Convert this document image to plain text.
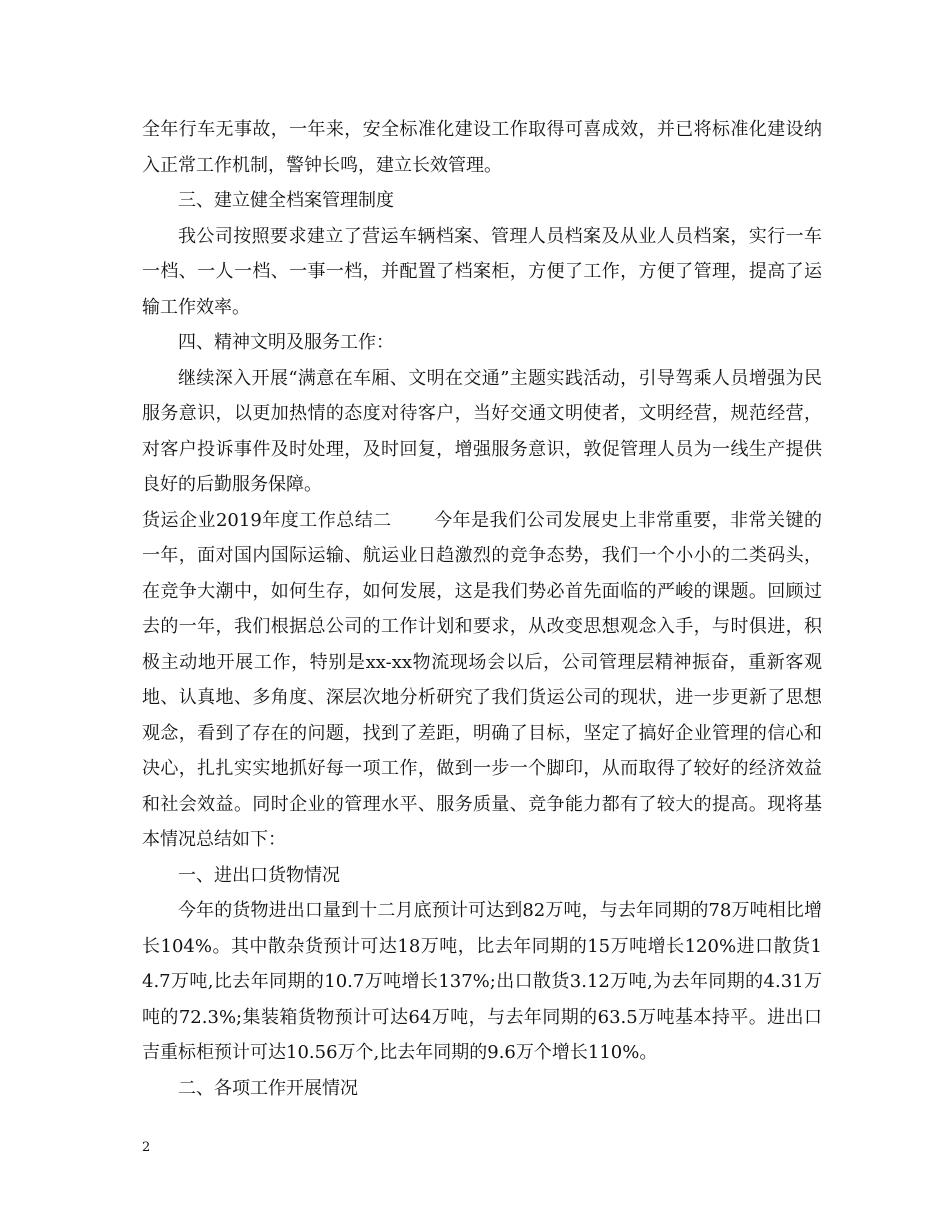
全年行车无事故，一年来，安全标准化建设工作取得可喜成效，并已将标准化建设纳入正常工作机制，警钟长鸣，建立长效管理。

三、建立健全档案管理制度

我公司按照要求建立了营运车辆档案、管理人员档案及从业人员档案，实行一车一档、一人一档、一事一档，并配置了档案柜，方便了工作，方便了管理，提高了运输工作效率。

四、精神文明及服务工作：

继续深入开展“满意在车厢、文明在交通”主题实践活动，引导驾乘人员增强为民服务意识，以更加热情的态度对待客户，当好交通文明使者，文明经营，规范经营，对客户投诉事件及时处理，及时回复，增强服务意识，敦促管理人员为一线生产提供良好的后勤服务保障。

货运企业2019年度工作总结二 今年是我们公司发展史上非常重要，非常关键的一年，面对国内国际运输、航运业日趋激烈的竞争态势，我们一个小小的二类码头，在竞争大潮中，如何生存，如何发展，这是我们势必首先面临的严峻的课题。回顾过去的一年，我们根据总公司的工作计划和要求，从改变思想观念入手，与时俱进，积极主动地开展工作，特别是xx-xx物流现场会以后，公司管理层精神振奋，重新客观地、认真地、多角度、深层次地分析研究了我们货运公司的现状，进一步更新了思想观念，看到了存在的问题，找到了差距，明确了目标，坚定了搞好企业管理的信心和决心，扎扎实实地抓好每一项工作，做到一步一个脚印，从而取得了较好的经济效益和社会效益。同时企业的管理水平、服务质量、竞争能力都有了较大的提高。现将基本情况总结如下：

一、进出口货物情况

今年的货物进出口量到十二月底预计可达到82万吨，与去年同期的78万吨相比增长104%。其中散杂货预计可达18万吨，比去年同期的15万吨增长120%进口散货14.7万吨,比去年同期的10.7万吨增长137%;出口散货3.12万吨,为去年同期的4.31万吨的72.3%;集装箱货物预计可达64万吨，与去年同期的63.5万吨基本持平。进出口吉重标柜预计可达10.56万个,比去年同期的9.6万个增长110%。

二、各项工作开展情况

2
